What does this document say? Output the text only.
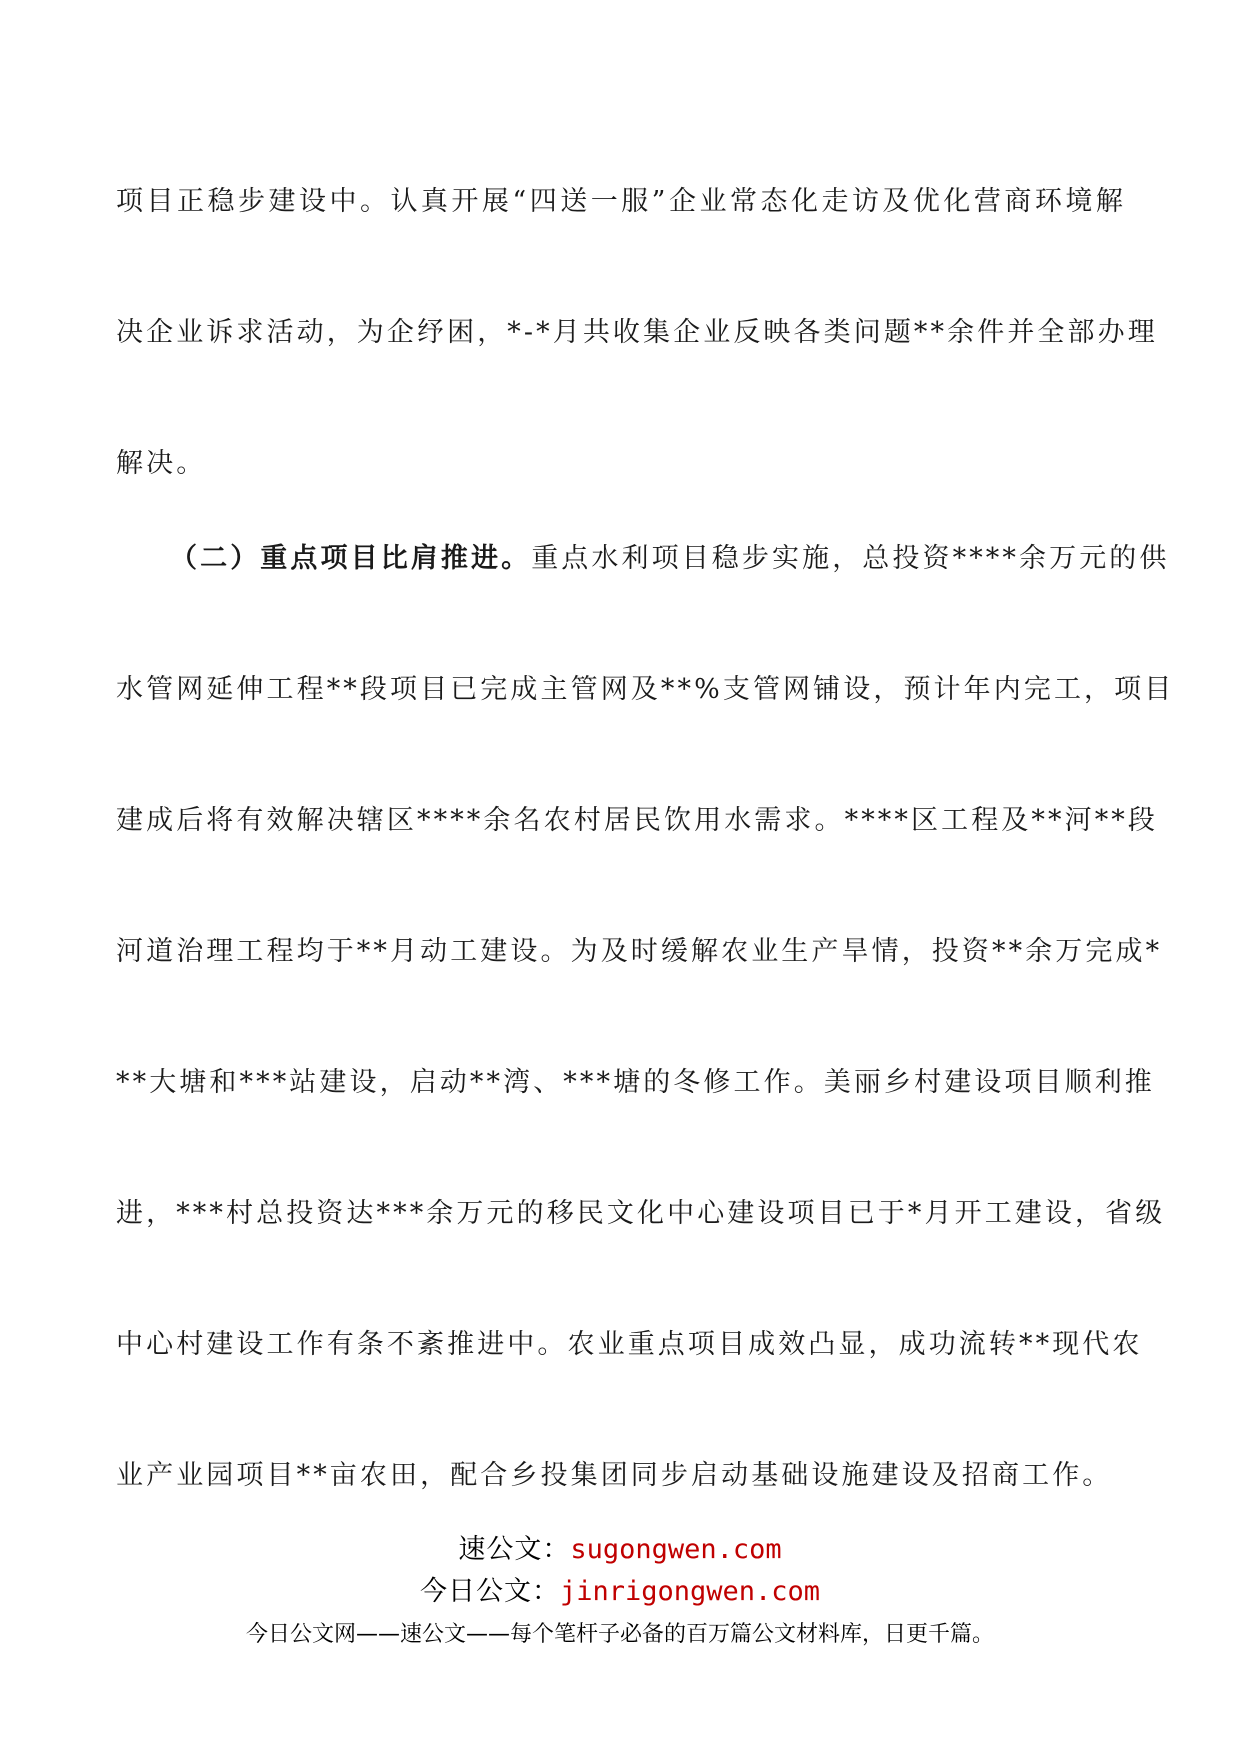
项目正稳步建设中。认真开展“四送一服”企业常态化走访及优化营商环境解
决企业诉求活动，为企纾困，*-*月共收集企业反映各类问题**余件并全部办理
解决。
（二）重点项目比肩推进。重点水利项目稳步实施，总投资****余万元的供
水管网延伸工程**段项目已完成主管网及**%支管网铺设，预计年内完工，项目
建成后将有效解决辖区****余名农村居民饮用水需求。****区工程及**河**段
河道治理工程均于**月动工建设。为及时缓解农业生产旱情，投资**余万完成*
**大塘和***站建设，启动**湾、***塘的冬修工作。美丽乡村建设项目顺利推
进，***村总投资达***余万元的移民文化中心建设项目已于*月开工建设，省级
中心村建设工作有条不紊推进中。农业重点项目成效凸显，成功流转**现代农
业产业园项目**亩农田，配合乡投集团同步启动基础设施建设及招商工作。
速公文：sugongwen.com
今日公文：jinrigongwen.com
今日公文网——速公文——每个笔杆子必备的百万篇公文材料库，日更千篇。
